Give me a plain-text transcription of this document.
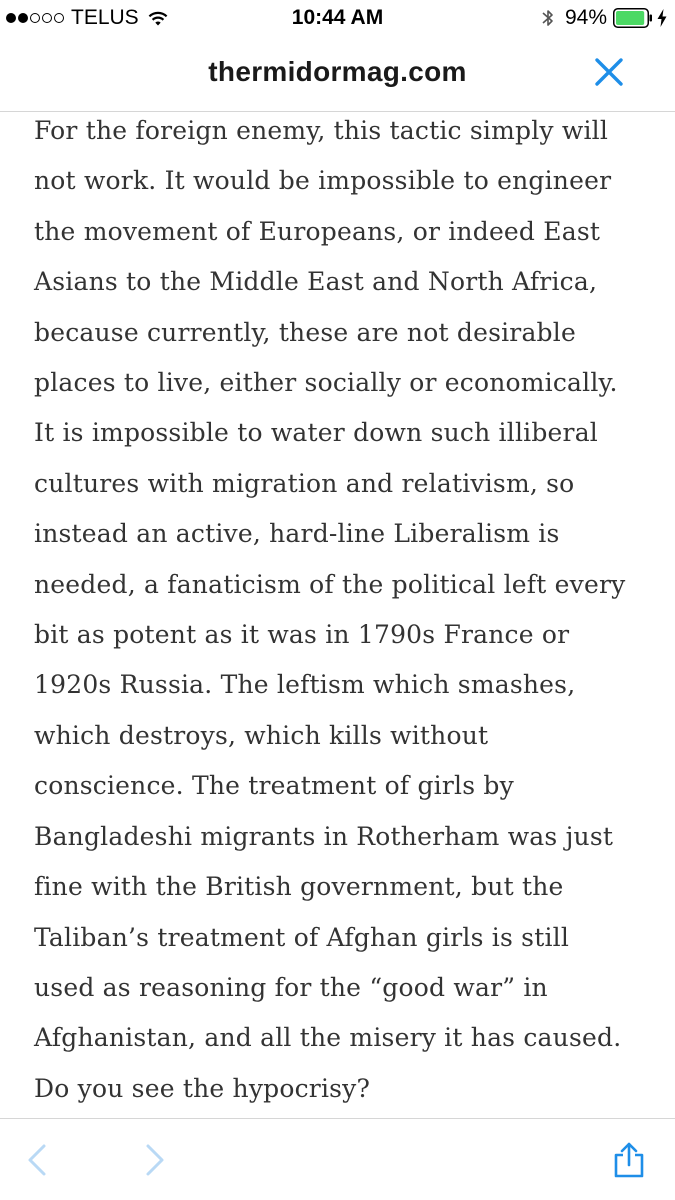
TELUS	10:44 AM	94%
thermidormag.com
For the foreign enemy, this tactic simply will
not work. It would be impossible to engineer
the movement of Europeans, or indeed East
Asians to the Middle East and North Africa,
because currently, these are not desirable
places to live, either socially or economically.
It is impossible to water down such illiberal
cultures with migration and relativism, so
instead an active, hard-line Liberalism is
needed, a fanaticism of the political left every
bit as potent as it was in 1790s France or
1920s Russia. The leftism which smashes,
which destroys, which kills without
conscience. The treatment of girls by
Bangladeshi migrants in Rotherham was just
fine with the British government, but the
Taliban’s treatment of Afghan girls is still
used as reasoning for the “good war” in
Afghanistan, and all the misery it has caused.
Do you see the hypocrisy?
